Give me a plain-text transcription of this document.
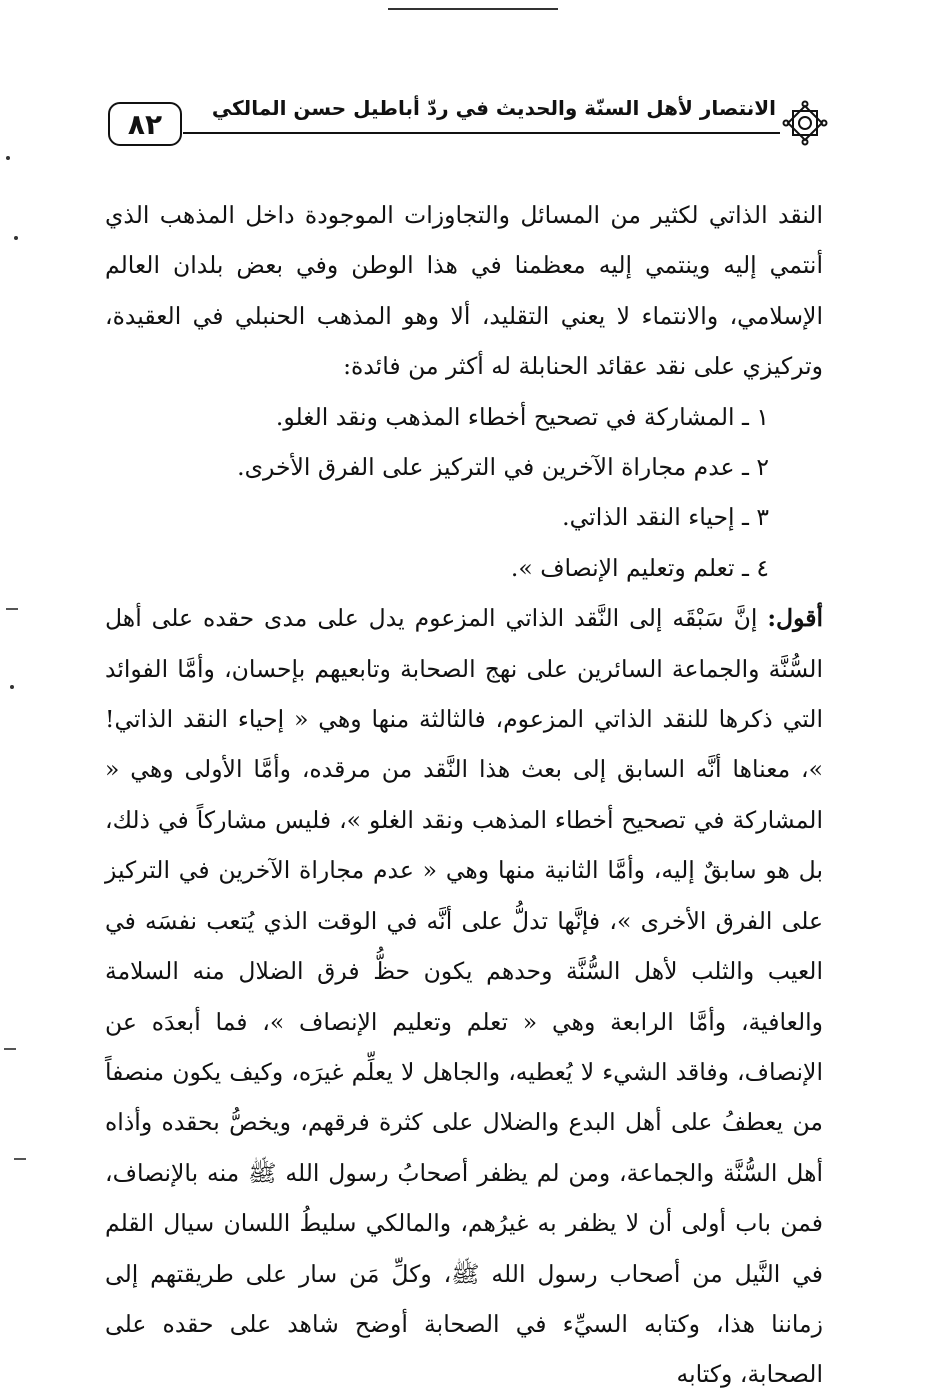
٨٢	الانتصار لأهل السنّة والحديث في ردّ أباطيل حسن المالكي

النقد الذاتي لكثير من المسائل والتجاوزات الموجودة داخل المذهب الذي أنتمي إليه وينتمي إليه معظمنا في هذا الوطن وفي بعض بلدان العالم الإسلامي، والانتماء لا يعني التقليد، ألا وهو المذهب الحنبلي في العقيدة، وتركيزي على نقد عقائد الحنابلة له أكثر من فائدة:

١ ـ المشاركة في تصحيح أخطاء المذهب ونقد الغلو.

٢ ـ عدم مجاراة الآخرين في التركيز على الفرق الأخرى.

٣ ـ إحياء النقد الذاتي.

٤ ـ تعلم وتعليم الإنصاف ».

أقول: إنَّ سَبْقَه إلى النَّقد الذاتي المزعوم يدل على مدى حقده على أهل السُّنَّة والجماعة السائرين على نهج الصحابة وتابعيهم بإحسان، وأمَّا الفوائد التي ذكرها للنقد الذاتي المزعوم، فالثالثة منها وهي « إحياء النقد الذاتي! »، معناها أنَّه السابق إلى بعث هذا النَّقد من مرقده، وأمَّا الأولى وهي « المشاركة في تصحيح أخطاء المذهب ونقد الغلو »، فليس مشاركاً في ذلك، بل هو سابقٌ إليه، وأمَّا الثانية منها وهي « عدم مجاراة الآخرين في التركيز على الفرق الأخرى »، فإنَّها تدلُّ على أنَّه في الوقت الذي يُتعب نفسَه في العيب والثلب لأهل السُّنَّة وحدهم يكون حظُّ فرق الضلال منه السلامة والعافية، وأمَّا الرابعة وهي « تعلم وتعليم الإنصاف »، فما أبعدَه عن الإنصاف، وفاقد الشيء لا يُعطيه، والجاهل لا يعلِّم غيرَه، وكيف يكون منصفاً من يعطفُ على أهل البدع والضلال على كثرة فرقهم، ويخصُّ بحقده وأذاه أهل السُّنَّة والجماعة، ومن لم يظفر أصحابُ رسول الله ﷺ منه بالإنصاف، فمن باب أولى أن لا يظفر به غيرُهم، والمالكي سليطُ اللسان سيال القلم في النَّيل من أصحاب رسول الله ﷺ، وكلِّ مَن سار على طريقتهم إلى زماننا هذا، وكتابه السيِّء في الصحابة أوضح شاهد على حقده على الصحابة، وكتابه
